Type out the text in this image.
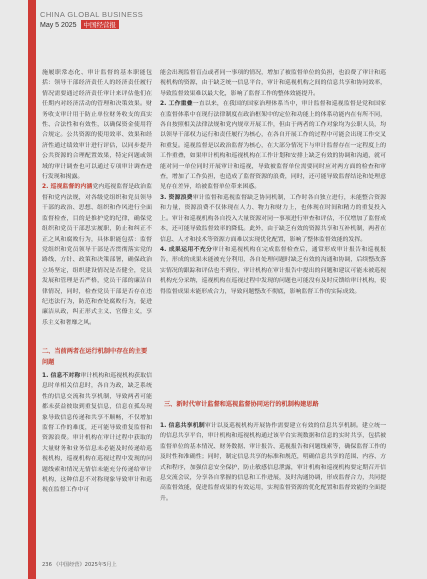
CHINA GLOBAL BUSINESS
May 5 2025 中国经营报

施履职常态化、审计监督的基本职能包括：领导干部经济责任人的经济责任履行情况需要通过经济责任审计来评估他们在任期内对经济活动的管理和决策效果。财务收支审计用于防止单位财务收支的真实性、合法性和有效性，以确保资金使用符合规定。公共资源的使用效率、效果和经济性通过绩效审计进行评估，以同步提升公共资源的合理配置效果，特定问题或领域的审计调查也可以通过专项审计调查进行发现和揭露。

2. 巡视监督的内涵党内巡视监督是政治监督和党内法规，对各级党组织和党员领导干部的政治、思想、组织和作风进行全面监督检查，目的是推护党的纪律，确保党组织和党员干部思实履职，防止和纠正不正之风和腐败行为，具体职能包括：监督党组织和党员领导干部是否贯彻落实党的路线、方针、政策和决策部署，确保政治立场坚定，组织建设情况是否健全，党员发展和管理是否严格，党员干部的廉洁自律情况，同时，检查党员干部是否存在违纪违法行为，防范和查处腐败行为，促进廉洁从政，纠正形式主义、官僚主义，享乐主义和奢靡之风。

二、当前两者在运行机制中存在的主要问题

1. 信息不对称审计机构和巡视机构获取信息时单相关信息时，各自为政，缺乏系统性的信息交流和共享机制，导致两者可能都未获益彼取到重复信息，信息在孤岛现象导致信息传递和共享不顺畅，不仅增加监督工作的难度，还可能导致重复监督和资源浪费。审计机构在审计过程中获取的大量财务和业务信息未必能及时传递给巡视机构，巡视机构在巡视过程中发现的问题线索和情况无情信未能充分传递给审计机构，这种信息不对称现象导致审计和巡视在监督工作中可

能会出现监督盲点或者同一事项的情况，增加了被监督单位的负担，也浪费了审计和巡视机构的资源，由于缺乏统一信息平台，审计和巡视机构之间的信息共享和协同效率，导致监督效果难以最大化，影响了监督工作的整体效能提升。

2. 工作重叠一直以来，在我国的国家治理体系当中，审计监督和巡视监督是党和国家在监督体系中在现行法律制度在政治框架中的定位和功能上的体系功能内在有所不同，各自按照相关法律法规和党内规章开展工作，但由于两者的工作对象均为公职人员，均以领导干部权力运行和责任履行为核心，在各自开展工作的过程中可能会出现工作交叉和重复。巡视监督是以政治监督为核心，在大部分情况下与审计监督存在一定程度上的工作重叠，如果审计机构和巡视机构在工作计划和安排上缺乏有效的协调和沟通，就可能对同一单位同时开展审计和巡视，导致被监督单位需要同时应对两方面的检查和审查，增加了工作负担，也造成了监督资源的浪费，同时，还可能导致监督结论和处理意见存在差异，给被监督单位带来困惑。

3. 资源浪费审计监督和巡视监督缺乏协同机制，工作时各自独立进行，未能整合资源和力量，资源浪费不仅体现在人力、物力和财力上，也体现在时间和精力的重复投入上。审计和巡视机构各自投入大量资源对同一事项进行审查和评估，不仅增加了监督成本，还可能导致监督效率的降低。此外，由于缺乏有效的资源共享和互补机制，两者在信息、人才和技术等资源方面难以实现优化配置，影响了整体监督效能的发挥。

4. 成果运用不充分审计和巡视机构在完成监督检查后，通常形成审计报告和巡视报告，形成的成果未能被充分利用，各自处理问题时缺乏有效的沟通和协调，后续整改落实情况的跟踪和评估也不到位，审计机构在审计报告中提出的问题和建议可能未被巡视机构充分采纳，巡视机构在巡视过程中发现的问题也可能没有及时反馈给审计机构，使得监督成果未能形成合力，导致问题整改不彻底，影响监督工作的实际成效。

三、新时代审计监督和巡视监督协同运行的机制构建思路

1. 信息共享机制审计以及巡视机构开展协作需要建立有效的信息共享机制。建立统一的信息共享平台，审计机构和巡视机构通过该平台实现数据和信息的实时共享，包括被监督单位的基本情况、财务数据、审计报告、巡视报告和问题线索等，确保监督工作的及时性和准确性；同时，制定信息共享的标准和规范，明确信息共享的范围、内容、方式和程序，加强信息安全保护，防止敏感信息泄露，审计机构和巡视机构要定期召开信息交流会议，分享各自掌握的信息和工作进展，及时沟通协调，形成监督合力，共同提高监督效能，促进监督成果的有效运用，实现监督资源的优化配置和监督效能的全面提升。

236 《中国经营》2025年5月上
